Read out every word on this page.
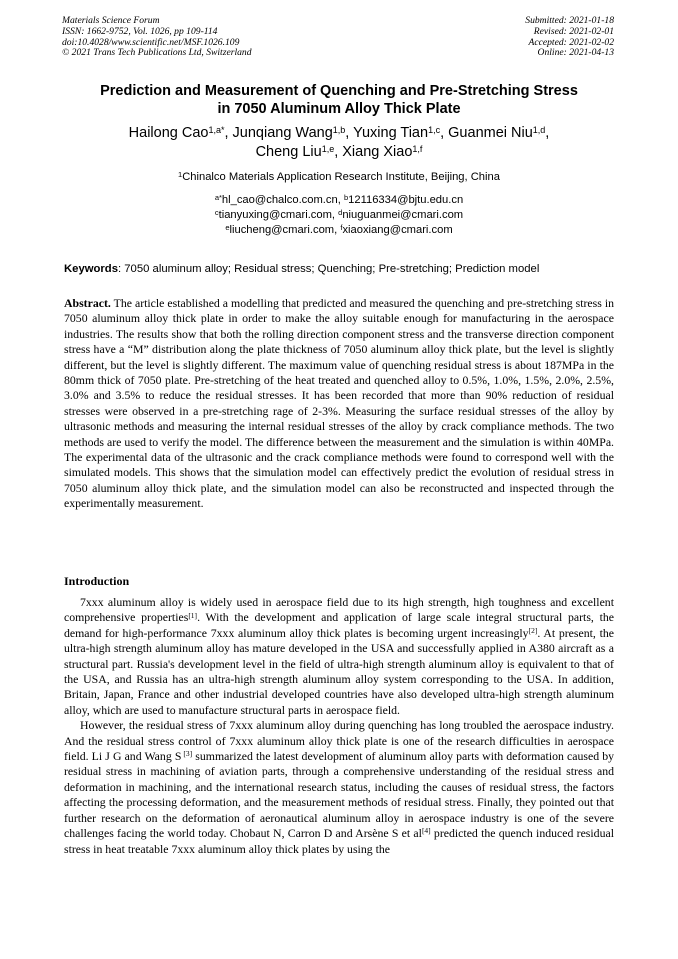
Materials Science Forum
ISSN: 1662-9752, Vol. 1026, pp 109-114
doi:10.4028/www.scientific.net/MSF.1026.109
© 2021 Trans Tech Publications Ltd, Switzerland
Submitted: 2021-01-18
Revised: 2021-02-01
Accepted: 2021-02-02
Online: 2021-04-13
Prediction and Measurement of Quenching and Pre-Stretching Stress
in 7050 Aluminum Alloy Thick Plate
Hailong Cao$^{1,a*}$, Junqiang Wang$^{1,b}$, Yuxing Tian$^{1,c}$, Guanmei Niu$^{1,d}$,
Cheng Liu$^{1,e}$, Xiang Xiao$^{1,f}$
$^1$Chinalco Materials Application Research Institute, Beijing, China
$^{a*}$hl_cao@chalco.com.cn, $^b$12116334@bjtu.edu.cn
$^c$tianyuxing@cmari.com, $^d$niuguanmei@cmari.com
$^e$liucheng@cmari.com, $^f$xiaoxiang@cmari.com
Keywords: 7050 aluminum alloy; Residual stress; Quenching; Pre-stretching; Prediction model
Abstract. The article established a modelling that predicted and measured the quenching and pre-stretching stress in 7050 aluminum alloy thick plate in order to make the alloy suitable enough for manufacturing in the aerospace industries. The results show that both the rolling direction component stress and the transverse direction component stress have a “M” distribution along the plate thickness of 7050 aluminum alloy thick plate, but the level is slightly different, but the level is slightly different. The maximum value of quenching residual stress is about 187MPa in the 80mm thick of 7050 plate. Pre-stretching of the heat treated and quenched alloy to 0.5%, 1.0%, 1.5%, 2.0%, 2.5%, 3.0% and 3.5% to reduce the residual stresses. It has been recorded that more than 90% reduction of residual stresses were observed in a pre-stretching rage of 2-3%. Measuring the surface residual stresses of the alloy by ultrasonic methods and measuring the internal residual stresses of the alloy by crack compliance methods. The two methods are used to verify the model. The difference between the measurement and the simulation is within 40MPa. The experimental data of the ultrasonic and the crack compliance methods were found to correspond well with the simulated models. This shows that the simulation model can effectively predict the evolution of residual stress in 7050 aluminum alloy thick plate, and the simulation model can also be reconstructed and inspected through the experimentally measurement.
Introduction

7xxx aluminum alloy is widely used in aerospace field due to its high strength, high toughness and excellent comprehensive properties[1]. With the development and application of large scale integral structural parts, the demand for high-performance 7xxx aluminum alloy thick plates is becoming urgent increasingly[2]. At present, the ultra-high strength aluminum alloy has mature developed in the USA and successfully applied in A380 aircraft as a structural part. Russia's development level in the field of ultra-high strength aluminum alloy is equivalent to that of the USA, and Russia has an ultra-high strength aluminum alloy system corresponding to the USA. In addition, Britain, Japan, France and other industrial developed countries have also developed ultra-high strength aluminum alloy, which are used to manufacture structural parts in aerospace field.

However, the residual stress of 7xxx aluminum alloy during quenching has long troubled the aerospace industry. And the residual stress control of 7xxx aluminum alloy thick plate is one of the research difficulties in aerospace field. Li J G and Wang S [3] summarized the latest development of aluminum alloy parts with deformation caused by residual stress in machining of aviation parts, through a comprehensive understanding of the residual stress and deformation in machining, and the international research status, including the causes of residual stress, the factors affecting the processing deformation, and the measurement methods of residual stress. Finally, they pointed out that further research on the deformation of aeronautical aluminum alloy in aerospace industry is one of the severe challenges facing the world today. Chobaut N, Carron D and Arsène S et al[4] predicted the quench induced residual stress in heat treatable 7xxx aluminum alloy thick plates by using the
